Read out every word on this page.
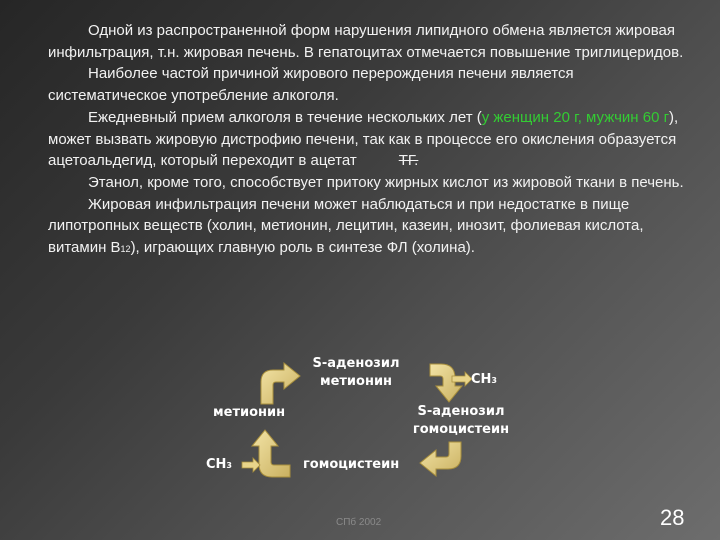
Одной из распространенной форм нарушения липидного обмена является жировая инфильтрация, т.н. жировая печень. В гепатоцитах отмечается повышение триглицеридов.

Наиболее частой причиной жирового перерождения печени является систематическое употребление алкоголя.

Ежедневный прием алкоголя в течение нескольких лет (у женщин 20 г, мужчин 60 г), может вызвать жировую дистрофию печени, так как в процессе его окисления образуется ацетоальдегид, который переходит в ацетат	ТГ.

Этанол, кроме того, способствует притоку жирных кислот из жировой ткани в печень.

Жировая инфильтрация печени может наблюдаться и при недостатке в пище липотропных веществ (холин, метионин, лецитин, казеин, инозит, фолиевая кислота, витамин В12), играющих главную роль в синтезе ФЛ (холина).

S-аденозил
метионин	CH3
S-аденозил
гомоцистеин
гомоцистеин
CH3
метионин
СПб 2002	28
